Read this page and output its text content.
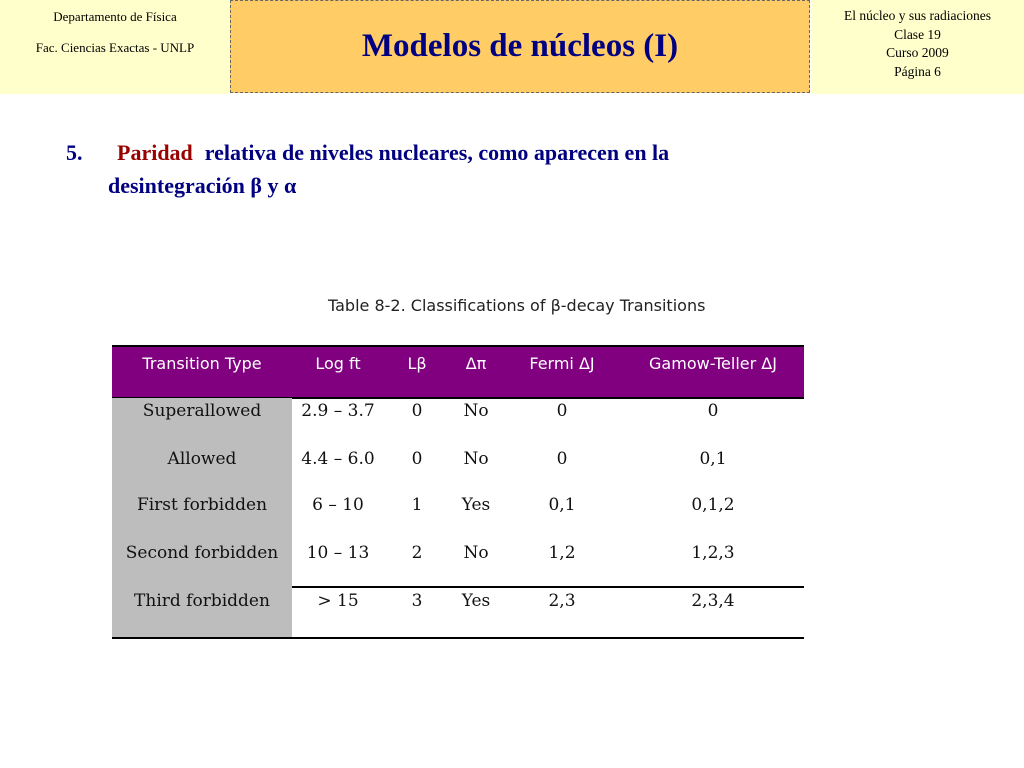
Departamento de Física
Fac. Ciencias Exactas - UNLP	Modelos de núcleos (I)
El núcleo y sus radiaciones
Clase 19
Curso 2009
Página 6
5. Paridad relativa de niveles nucleares, como aparecen en la
desintegración β y α
Table 8-2. Classifications of β-decay Transitions
Transition Type	Log ft	Lβ	Δπ	Fermi ΔJ	Gamow-Teller ΔJ
Superallowed	2.9 – 3.7	0	No	0	0
Allowed	4.4 – 6.0	0	No	0	0,1
First forbidden	6 – 10	1	Yes	0,1	0,1,2
Second forbidden	10 – 13	2	No	1,2	1,2,3
Third forbidden	> 15	3	Yes	2,3	2,3,4
